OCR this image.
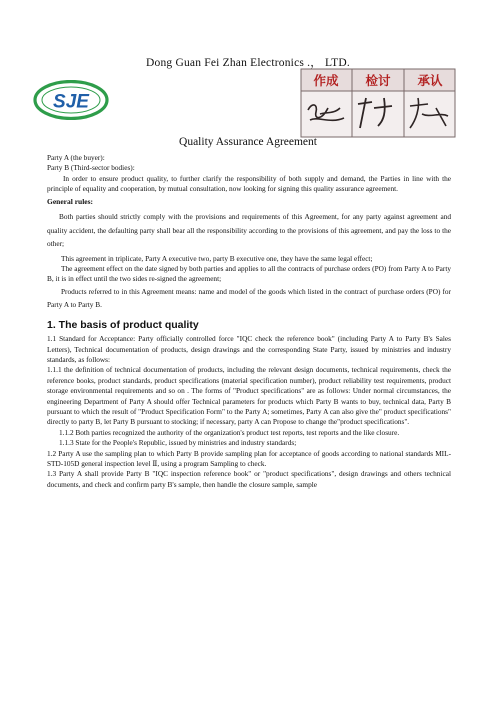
Dong Guan Fei Zhan Electronics .， LTD.
SJE
作成 检讨 承认
Quality Assurance Agreement

Party A (the buyer):

Party B (Third-sector bodies):

In order to ensure product quality, to further clarify the responsibility of both supply and demand, the Parties in line with the principle of equality and cooperation, by mutual consultation, now looking for signing this quality assurance agreement.

General rules:

Both parties should strictly comply with the provisions and requirements of this Agreement, for any party against agreement and quality accident, the defaulting party shall bear all the responsibility according to the provisions of this agreement, and pay the loss to the other;

This agreement in triplicate, Party A executive two, party B executive one, they have the same legal effect;

The agreement effect on the date signed by both parties and applies to all the contracts of purchase orders (PO) from Party A to Party B, it is in effect until the two sides re-signed the agreement;

Products referred to in this Agreement means: name and model of the goods which listed in the contract of purchase orders (PO) for Party A to Party B.

1. The basis of product quality

1.1 Standard for Acceptance: Party officially controlled force "IQC check the reference book" (including Party A to Party B's Sales Letters), Technical documentation of products, design drawings and the corresponding State Party, issued by ministries and industry standards, as follows:

1.1.1 the definition of technical documentation of products, including the relevant design documents, technical requirements, check the reference books, product standards, product specifications (material specification number), product reliability test requirements, product storage environmental requirements and so on . The forms of "Product specifications" are as follows: Under normal circumstances, the engineering Department of Party A should offer Technical parameters for products which Party B wants to buy, technical data, Party B pursuant to which the result of "Product Specification Form" to the Party A; sometimes, Party A can also give the" product specifications" directly to party B, let Party B pursuant to stocking; if necessary, party A can Propose to change the"product specifications".

1.1.2 Both parties recognized the authority of the organization's product test reports, test reports and the like closure.

1.1.3 State for the People's Republic, issued by ministries and industry standards;

1.2 Party A use the sampling plan to which Party B provide sampling plan for acceptance of goods according to national standards MIL-STD-105D general inspection level Ⅱ, using a program Sampling to check.

1.3 Party A shall provide Party B "IQC inspection reference book" or "product specifications", design drawings and others technical documents, and check and confirm party B's sample, then handle the closure sample, sample
